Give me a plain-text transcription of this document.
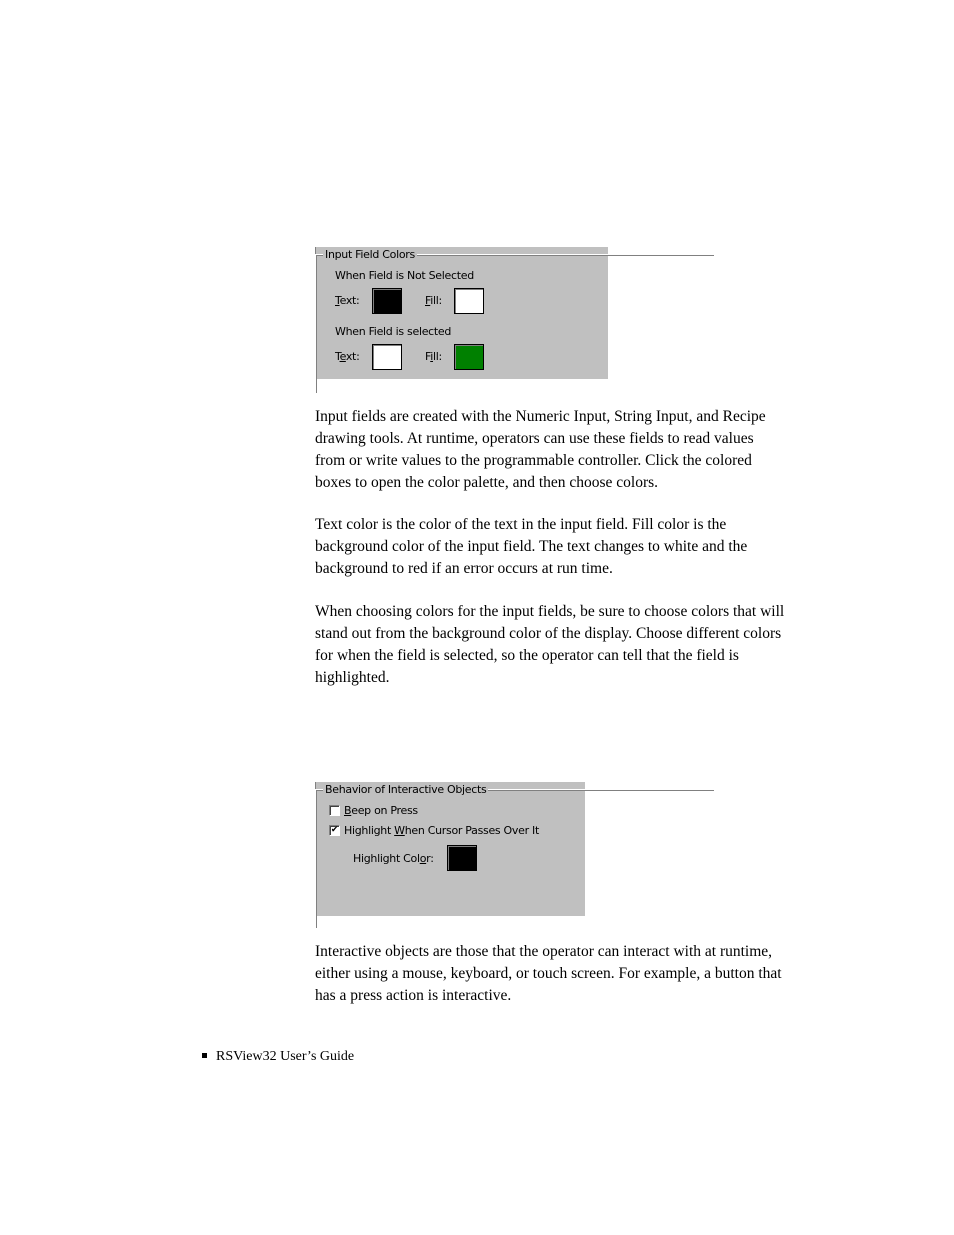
Input Field Colors
When Field is Not Selected
Text:	Fill:
When Field is selected
Text:	Fill:

Input fields are created with the Numeric Input, String Input, and Recipe drawing tools. At runtime, operators can use these fields to read values from or write values to the programmable controller. Click the colored boxes to open the color palette, and then choose colors.

Text color is the color of the text in the input field. Fill color is the background color of the input field. The text changes to white and the background to red if an error occurs at run time.

When choosing colors for the input fields, be sure to choose colors that will stand out from the background color of the display. Choose different colors for when the field is selected, so the operator can tell that the field is highlighted.

Behavior of Interactive Objects
Beep on Press
✔ Highlight When Cursor Passes Over It
Highlight Color:

Interactive objects are those that the operator can interact with at runtime, either using a mouse, keyboard, or touch screen. For example, a button that has a press action is interactive.

RSView32 User’s Guide
